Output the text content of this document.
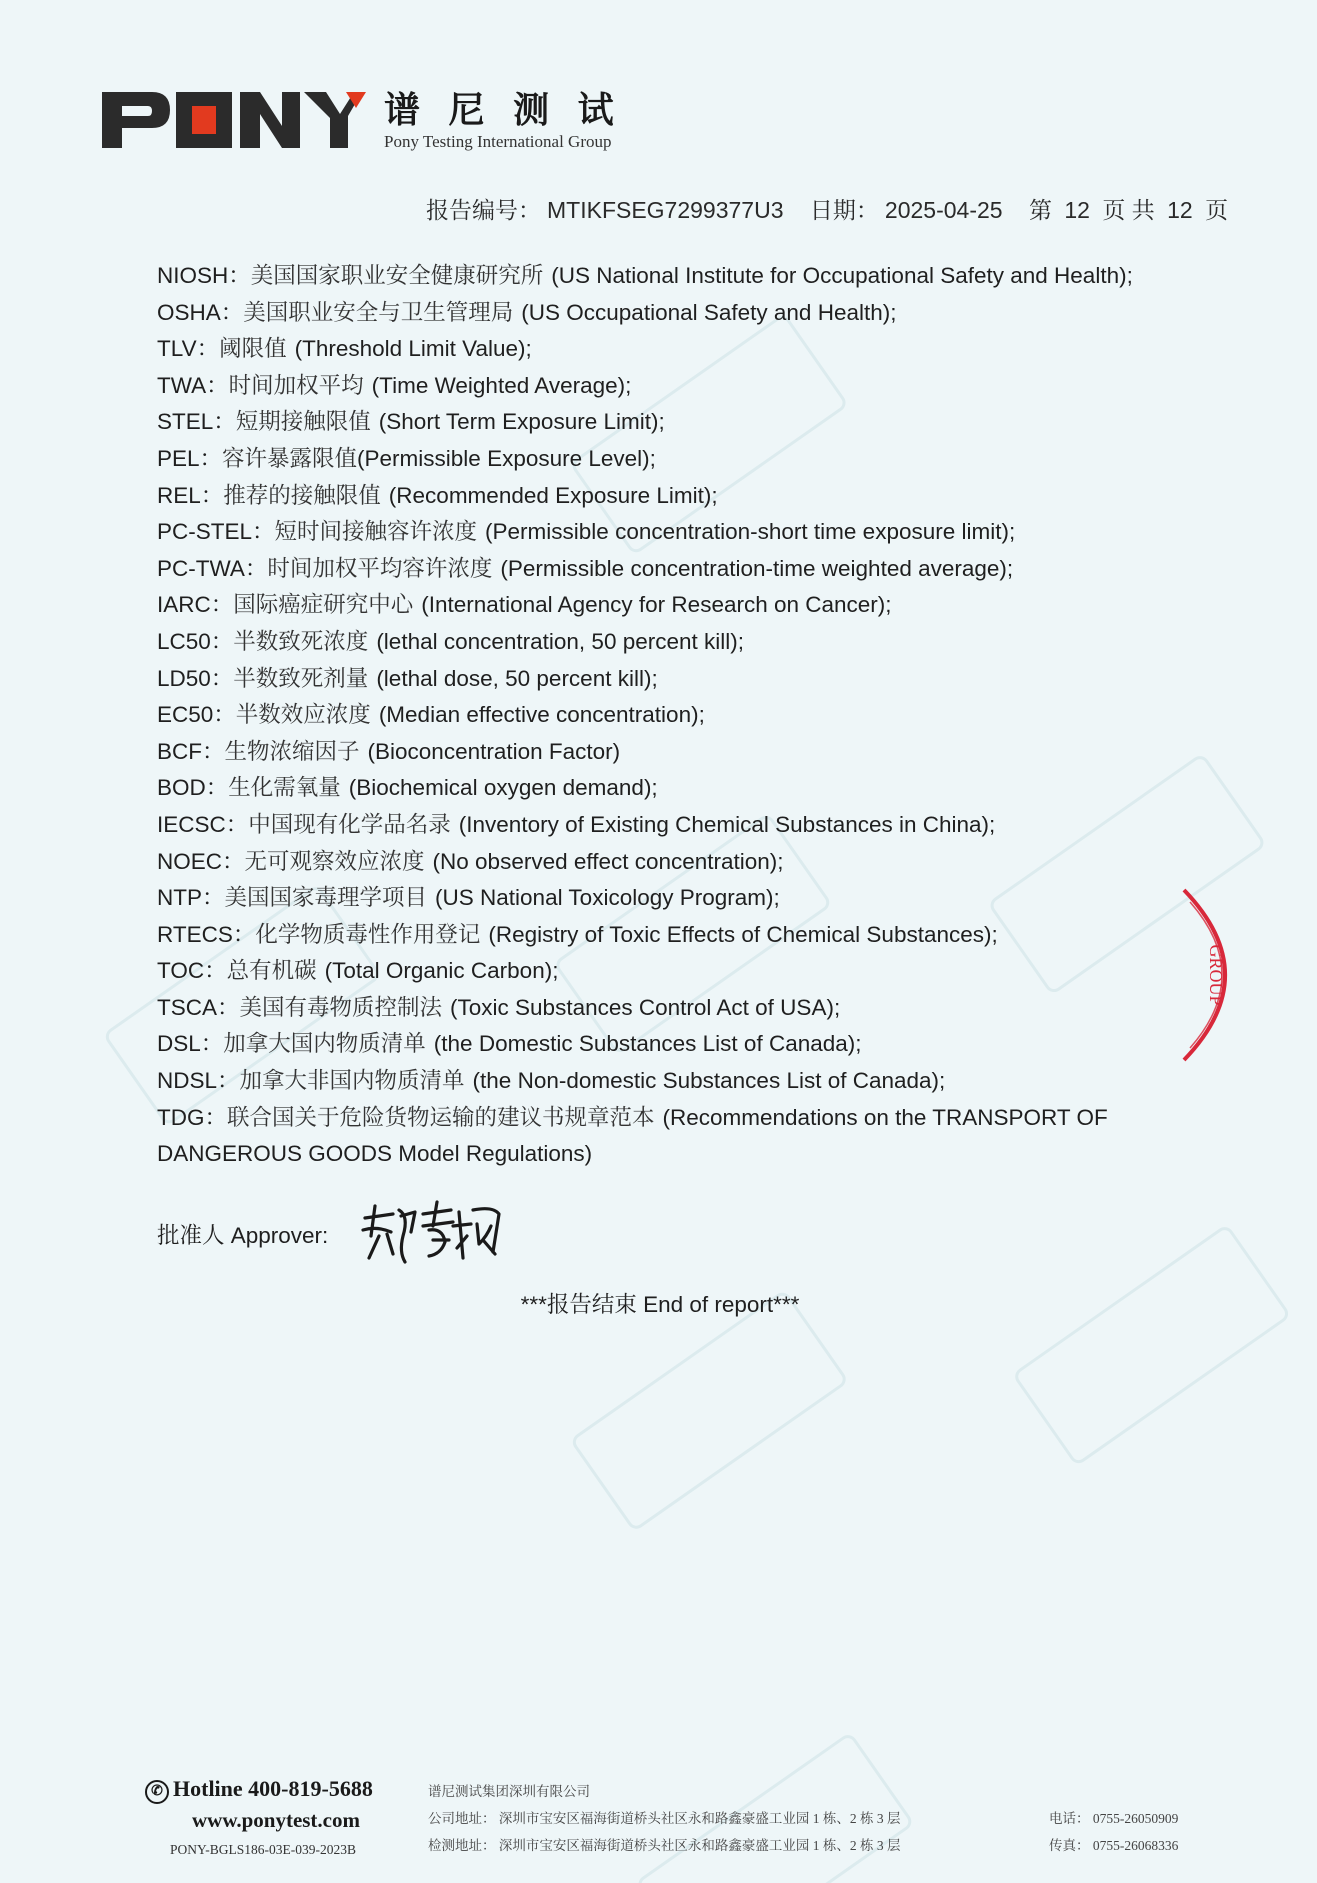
谱 尼 测 试
Pony Testing International Group
报告编号： MTIKFSEG7299377U3 日期： 2025-04-25 第 12 页 共 12 页
NIOSH：美国国家职业安全健康研究所 (US National Institute for Occupational Safety and Health);
OSHA：美国职业安全与卫生管理局 (US Occupational Safety and Health);
TLV：阈限值 (Threshold Limit Value);
TWA：时间加权平均 (Time Weighted Average);
STEL：短期接触限值 (Short Term Exposure Limit);
PEL：容许暴露限值(Permissible Exposure Level);
REL：推荐的接触限值 (Recommended Exposure Limit);
PC-STEL：短时间接触容许浓度 (Permissible concentration-short time exposure limit);
PC-TWA：时间加权平均容许浓度 (Permissible concentration-time weighted average);
IARC：国际癌症研究中心 (International Agency for Research on Cancer);
LC50：半数致死浓度 (lethal concentration, 50 percent kill);
LD50：半数致死剂量 (lethal dose, 50 percent kill);
EC50：半数效应浓度 (Median effective concentration);
BCF：生物浓缩因子 (Bioconcentration Factor)
BOD：生化需氧量 (Biochemical oxygen demand);
IECSC：中国现有化学品名录 (Inventory of Existing Chemical Substances in China);
NOEC：无可观察效应浓度 (No observed effect concentration);
NTP：美国国家毒理学项目 (US National Toxicology Program);
RTECS：化学物质毒性作用登记 (Registry of Toxic Effects of Chemical Substances);
TOC：总有机碳 (Total Organic Carbon);
TSCA：美国有毒物质控制法 (Toxic Substances Control Act of USA);
DSL：加拿大国内物质清单 (the Domestic Substances List of Canada);
NDSL：加拿大非国内物质清单 (the Non-domestic Substances List of Canada);
TDG：联合国关于危险货物运输的建议书规章范本 (Recommendations on the TRANSPORT OF DANGEROUS GOODS Model Regulations)
批准人 Approver:
***报告结束 End of report***
GROUP
✆ Hotline 400-819-5688
www.ponytest.com
PONY-BGLS186-03E-039-2023B
谱尼测试集团深圳有限公司
公司地址： 深圳市宝安区福海街道桥头社区永和路鑫豪盛工业园 1 栋、2 栋 3 层
检测地址： 深圳市宝安区福海街道桥头社区永和路鑫豪盛工业园 1 栋、2 栋 3 层
电话： 0755-26050909
传真： 0755-26068336
